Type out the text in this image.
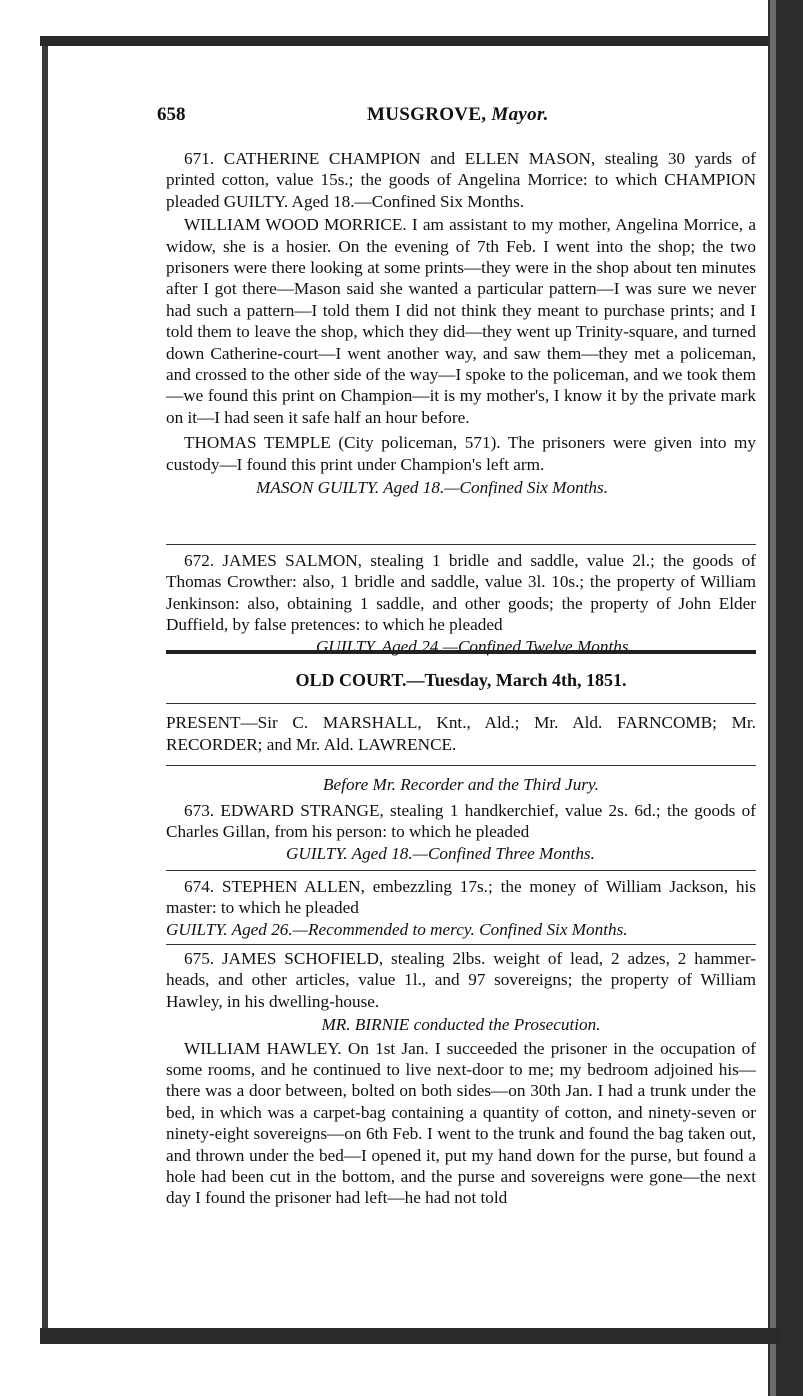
658	MUSGROVE, Mayor.

671. CATHERINE CHAMPION and ELLEN MASON, stealing 30 yards of printed cotton, value 15s.; the goods of Angelina Morrice: to which CHAMPION pleaded GUILTY. Aged 18.—Confined Six Months.

WILLIAM WOOD MORRICE. I am assistant to my mother, Angelina Morrice, a widow, she is a hosier. On the evening of 7th Feb. I went into the shop; the two prisoners were there looking at some prints—they were in the shop about ten minutes after I got there—Mason said she wanted a particular pattern—I was sure we never had such a pattern—I told them I did not think they meant to purchase prints; and I told them to leave the shop, which they did—they went up Trinity-square, and turned down Catherine-court—I went another way, and saw them—they met a policeman, and crossed to the other side of the way—I spoke to the policeman, and we took them—we found this print on Champion—it is my mother's, I know it by the private mark on it—I had seen it safe half an hour before.

THOMAS TEMPLE (City policeman, 571). The prisoners were given into my custody—I found this print under Champion's left arm.

MASON GUILTY. Aged 18.—Confined Six Months.

672. JAMES SALMON, stealing 1 bridle and saddle, value 2l.; the goods of Thomas Crowther: also, 1 bridle and saddle, value 3l. 10s.; the property of William Jenkinson: also, obtaining 1 saddle, and other goods; the property of John Elder Duffield, by false pretences: to which he pleaded

GUILTY. Aged 24.—Confined Twelve Months.

OLD COURT.—Tuesday, March 4th, 1851.

PRESENT—Sir C. MARSHALL, Knt., Ald.; Mr. Ald. FARNCOMB; Mr. RECORDER; and Mr. Ald. LAWRENCE.

Before Mr. Recorder and the Third Jury.

673. EDWARD STRANGE, stealing 1 handkerchief, value 2s. 6d.; the goods of Charles Gillan, from his person: to which he pleaded

GUILTY. Aged 18.—Confined Three Months.

674. STEPHEN ALLEN, embezzling 17s.; the money of William Jackson, his master: to which he pleaded

GUILTY. Aged 26.—Recommended to mercy. Confined Six Months.

675. JAMES SCHOFIELD, stealing 2lbs. weight of lead, 2 adzes, 2 hammer-heads, and other articles, value 1l., and 97 sovereigns; the property of William Hawley, in his dwelling-house.

MR. BIRNIE conducted the Prosecution.

WILLIAM HAWLEY. On 1st Jan. I succeeded the prisoner in the occupation of some rooms, and he continued to live next-door to me; my bedroom adjoined his—there was a door between, bolted on both sides—on 30th Jan. I had a trunk under the bed, in which was a carpet-bag containing a quantity of cotton, and ninety-seven or ninety-eight sovereigns—on 6th Feb. I went to the trunk and found the bag taken out, and thrown under the bed—I opened it, put my hand down for the purse, but found a hole had been cut in the bottom, and the purse and sovereigns were gone—the next day I found the prisoner had left—he had not told
